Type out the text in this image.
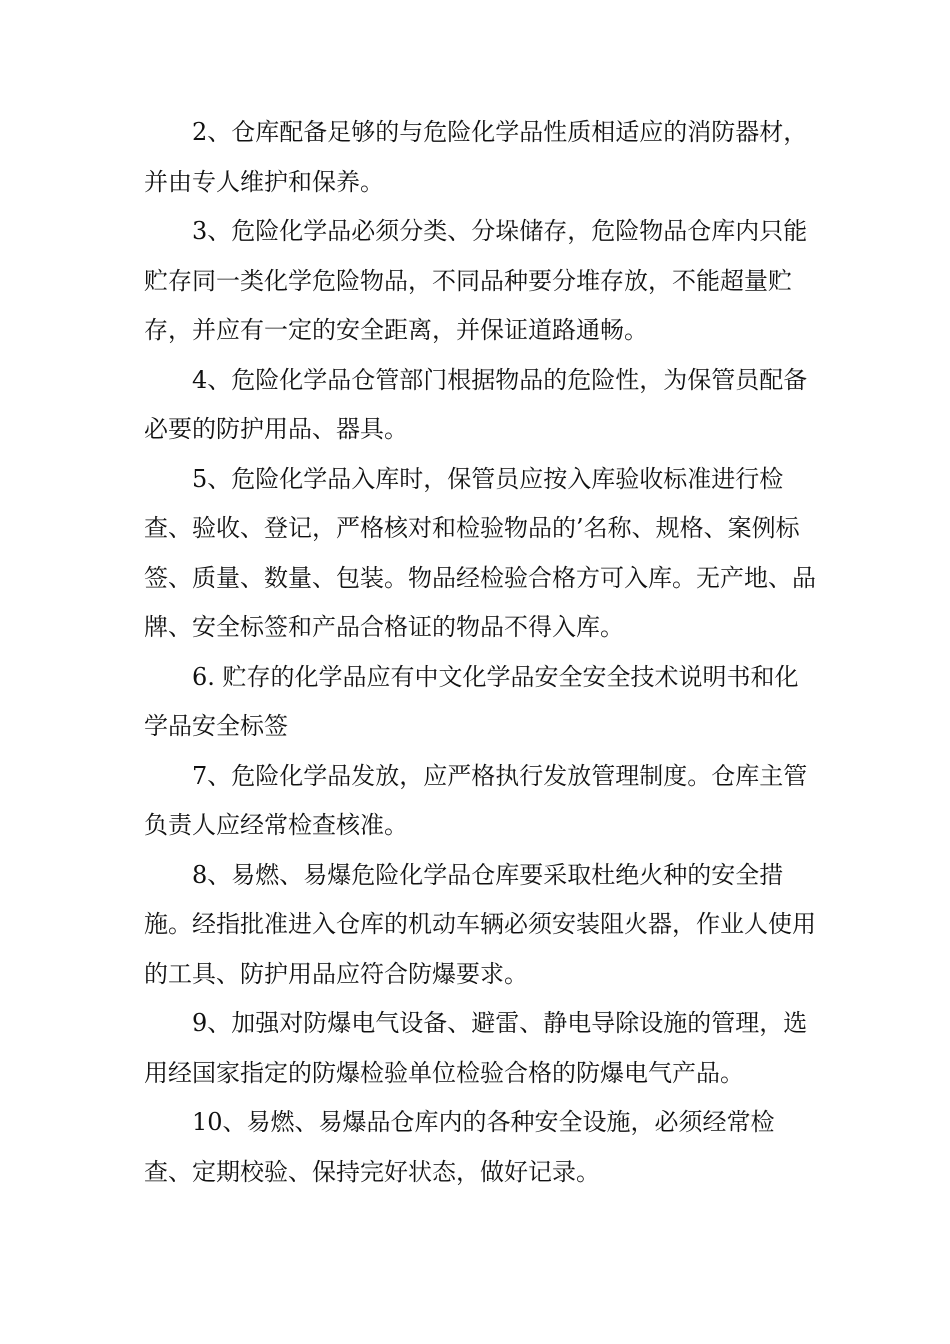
2、仓库配备足够的与危险化学品性质相适应的消防器材，并由专人维护和保养。

3、危险化学品必须分类、分垛储存，危险物品仓库内只能贮存同一类化学危险物品，不同品种要分堆存放，不能超量贮存，并应有一定的安全距离，并保证道路通畅。

4、危险化学品仓管部门根据物品的危险性，为保管员配备必要的防护用品、器具。

5、危险化学品入库时，保管员应按入库验收标准进行检查、验收、登记，严格核对和检验物品的’名称、规格、案例标签、质量、数量、包装。物品经检验合格方可入库。无产地、品牌、安全标签和产品合格证的物品不得入库。

6. 贮存的化学品应有中文化学品安全安全技术说明书和化学品安全标签

7、危险化学品发放，应严格执行发放管理制度。仓库主管负责人应经常检查核准。

8、易燃、易爆危险化学品仓库要采取杜绝火种的安全措施。经指批准进入仓库的机动车辆必须安装阻火器，作业人使用的工具、防护用品应符合防爆要求。

9、加强对防爆电气设备、避雷、静电导除设施的管理，选用经国家指定的防爆检验单位检验合格的防爆电气产品。

10、易燃、易爆品仓库内的各种安全设施，必须经常检查、定期校验、保持完好状态，做好记录。
